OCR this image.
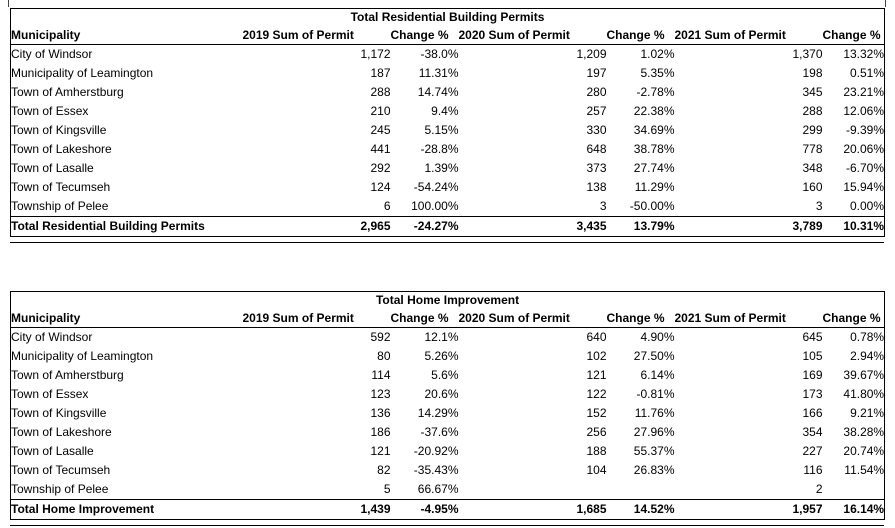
Total Residential Building Permits						
Municipality	2019 Sum of Permit	Change %	2020 Sum of Permit	Change %	2021 Sum of Permit	Change %
City of Windsor	1,172	-38.0%	1,209	1.02%	1,370	13.32%
Municipality of Leamington	187	11.31%	197	5.35%	198	0.51%
Town of Amherstburg	288	14.74%	280	-2.78%	345	23.21%
Town of Essex	210	9.4%	257	22.38%	288	12.06%
Town of Kingsville	245	5.15%	330	34.69%	299	-9.39%
Town of Lakeshore	441	-28.8%	648	38.78%	778	20.06%
Town of Lasalle	292	1.39%	373	27.74%	348	-6.70%
Town of Tecumseh	124	-54.24%	138	11.29%	160	15.94%
Township of Pelee	6	100.00%	3	-50.00%	3	0.00%
Total Residential Building Permits	2,965	-24.27%	3,435	13.79%	3,789	10.31%
Total Home Improvement						
Municipality	2019 Sum of Permit	Change %	2020 Sum of Permit	Change %	2021 Sum of Permit	Change %
City of Windsor	592	12.1%	640	4.90%	645	0.78%
Municipality of Leamington	80	5.26%	102	27.50%	105	2.94%
Town of Amherstburg	114	5.6%	121	6.14%	169	39.67%
Town of Essex	123	20.6%	122	-0.81%	173	41.80%
Town of Kingsville	136	14.29%	152	11.76%	166	9.21%
Town of Lakeshore	186	-37.6%	256	27.96%	354	38.28%
Town of Lasalle	121	-20.92%	188	55.37%	227	20.74%
Town of Tecumseh	82	-35.43%	104	26.83%	116	11.54%
Township of Pelee	5	66.67%			2	
Total Home Improvement	1,439	-4.95%	1,685	14.52%	1,957	16.14%
